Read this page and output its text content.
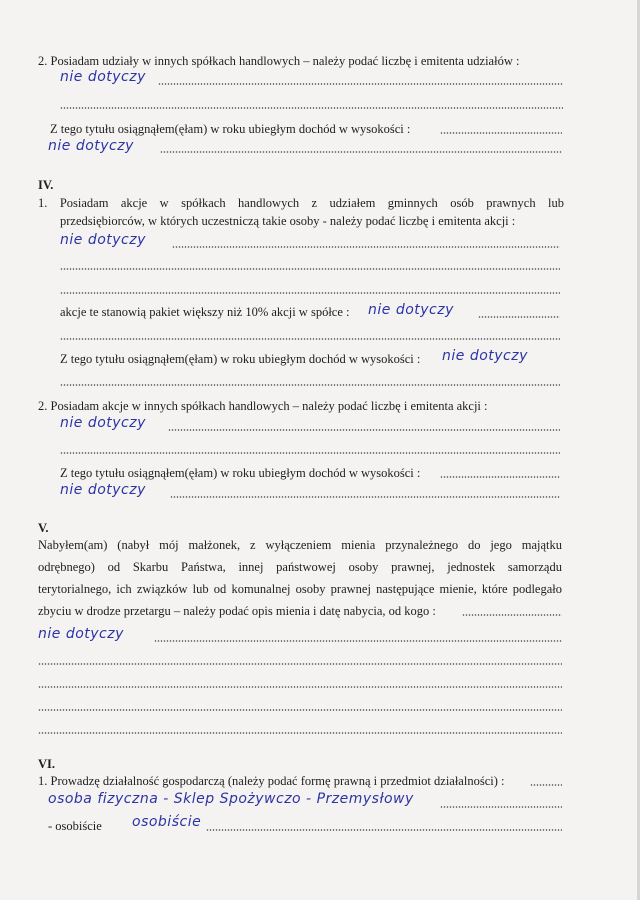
2. Posiadam udziały w innych spółkach handlowych – należy podać liczbę i emitenta udziałów :
nie dotyczy
Z tego tytułu osiągnąłem(ęłam) w roku ubiegłym dochód w wysokości :
nie dotyczy
IV.
1. Posiadam akcje w spółkach handlowych z udziałem gminnych osób prawnych lub
przedsiębiorców, w których uczestniczą takie osoby - należy podać liczbę i emitenta akcji :
nie dotyczy
akcje te stanowią pakiet większy niż 10% akcji w spółce : nie dotyczy
Z tego tytułu osiągnąłem(ęłam) w roku ubiegłym dochód w wysokości : nie dotyczy
2. Posiadam akcje w innych spółkach handlowych – należy podać liczbę i emitenta akcji :
nie dotyczy
Z tego tytułu osiągnąłem(ęłam) w roku ubiegłym dochód w wysokości :
nie dotyczy
V.
Nabyłem(am) (nabył mój małżonek, z wyłączeniem mienia przynależnego do jego majątku
odrębnego) od Skarbu Państwa, innej państwowej osoby prawnej, jednostek samorządu
terytorialnego, ich związków lub od komunalnej osoby prawnej następujące mienie, które podlegało
zbyciu w drodze przetargu – należy podać opis mienia i datę nabycia, od kogo :
nie dotyczy
VI.
1. Prowadzę działalność gospodarczą (należy podać formę prawną i przedmiot działalności) :
osoba fizyczna - Sklep Spożywczo - Przemysłowy
- osobiście osobiście
